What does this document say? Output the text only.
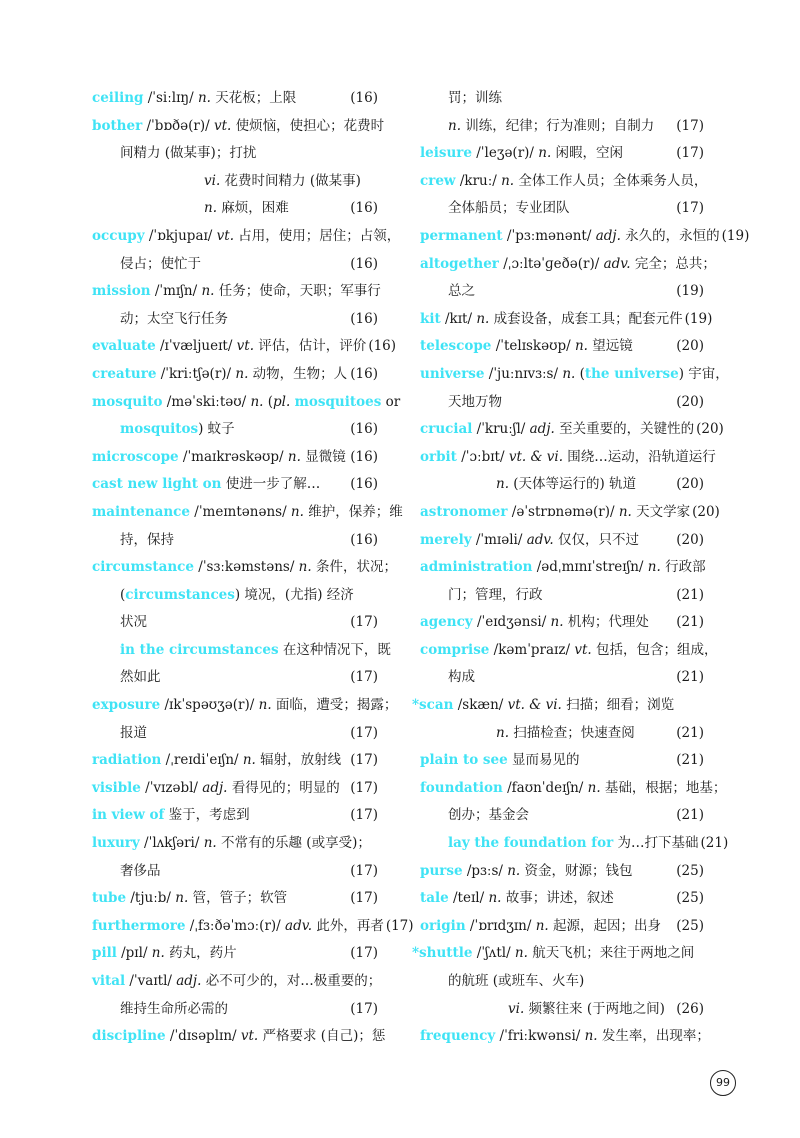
ceiling /ˈsiːlɪŋ/ n. 天花板；上限	(16)
bother /ˈbɒðə(r)/ vt. 使烦恼，使担心；花费时
间精力 (做某事)；打扰
vi. 花费时间精力 (做某事)
n. 麻烦，困难	(16)
occupy /ˈɒkjupaɪ/ vt. 占用，使用；居住；占领，
侵占；使忙于	(16)
mission /ˈmɪʃn/ n. 任务；使命，天职；军事行
动；太空飞行任务	(16)
evaluate /ɪˈvæljueɪt/ vt. 评估，估计，评价 (16)
creature /ˈkriːtʃə(r)/ n. 动物，生物；人 (16)
mosquito /məˈskiːtəʊ/ n. (pl. mosquitoes or
mosquitos) 蚊子	(16)
microscope /ˈmaɪkrəskəʊp/ n. 显微镜 (16)
cast new light on 使进一步了解…	(16)
maintenance /ˈmeɪntənəns/ n. 维护，保养；维
持，保持	(16)
circumstance /ˈsɜːkəmstəns/ n. 条件，状况；
(circumstances) 境况，(尤指) 经济
状况	(17)
in the circumstances 在这种情况下，既
然如此	(17)
exposure /ɪkˈspəʊʒə(r)/ n. 面临，遭受；揭露；
报道	(17)
radiation /ˌreɪdiˈeɪʃn/ n. 辐射，放射线 (17)
visible /ˈvɪzəbl/ adj. 看得见的；明显的 (17)
in view of 鉴于，考虑到	(17)
luxury /ˈlʌkʃəri/ n. 不常有的乐趣 (或享受)；
奢侈品	(17)
tube /tjuːb/ n. 管，管子；软管	(17)
furthermore /ˌfɜːðəˈmɔː(r)/ adv. 此外，再者 (17)
pill /pɪl/ n. 药丸，药片	(17)
vital /ˈvaɪtl/ adj. 必不可少的，对…极重要的；
维持生命所必需的	(17)
discipline /ˈdɪsəplɪn/ vt. 严格要求 (自己)；惩
罚；训练
n. 训练，纪律；行为准则；自制力	(17)
leisure /ˈleʒə(r)/ n. 闲暇，空闲	(17)
crew /kruː/ n. 全体工作人员；全体乘务人员，
全体船员；专业团队	(17)
permanent /ˈpɜːmənənt/ adj. 永久的，永恒的 (19)
altogether /ˌɔːltəˈɡeðə(r)/ adv. 完全；总共；
总之	(19)
kit /kɪt/ n. 成套设备，成套工具；配套元件 (19)
telescope /ˈtelɪskəʊp/ n. 望远镜	(20)
universe /ˈjuːnɪvɜːs/ n. (the universe) 宇宙，
天地万物	(20)
crucial /ˈkruːʃl/ adj. 至关重要的，关键性的 (20)
orbit /ˈɔːbɪt/ vt. & vi. 围绕…运动，沿轨道运行
n. (天体等运行的) 轨道	(20)
astronomer /əˈstrɒnəmə(r)/ n. 天文学家 (20)
merely /ˈmɪəli/ adv. 仅仅，只不过	(20)
administration /ədˌmɪnɪˈstreɪʃn/ n. 行政部
门；管理，行政	(21)
agency /ˈeɪdʒənsi/ n. 机构；代理处	(21)
comprise /kəmˈpraɪz/ vt. 包括，包含；组成，
构成	(21)
*scan /skæn/ vt. & vi. 扫描；细看；浏览
n. 扫描检查；快速查阅	(21)
plain to see 显而易见的	(21)
foundation /faʊnˈdeɪʃn/ n. 基础，根据；地基；
创办；基金会	(21)
lay the foundation for 为…打下基础 (21)
purse /pɜːs/ n. 资金，财源；钱包	(25)
tale /teɪl/ n. 故事；讲述，叙述	(25)
origin /ˈɒrɪdʒɪn/ n. 起源，起因；出身	(25)
*shuttle /ˈʃʌtl/ n. 航天飞机；来往于两地之间
的航班 (或班车、火车)
vi. 频繁往来 (于两地之间) (26)
frequency /ˈfriːkwənsi/ n. 发生率，出现率；
99
